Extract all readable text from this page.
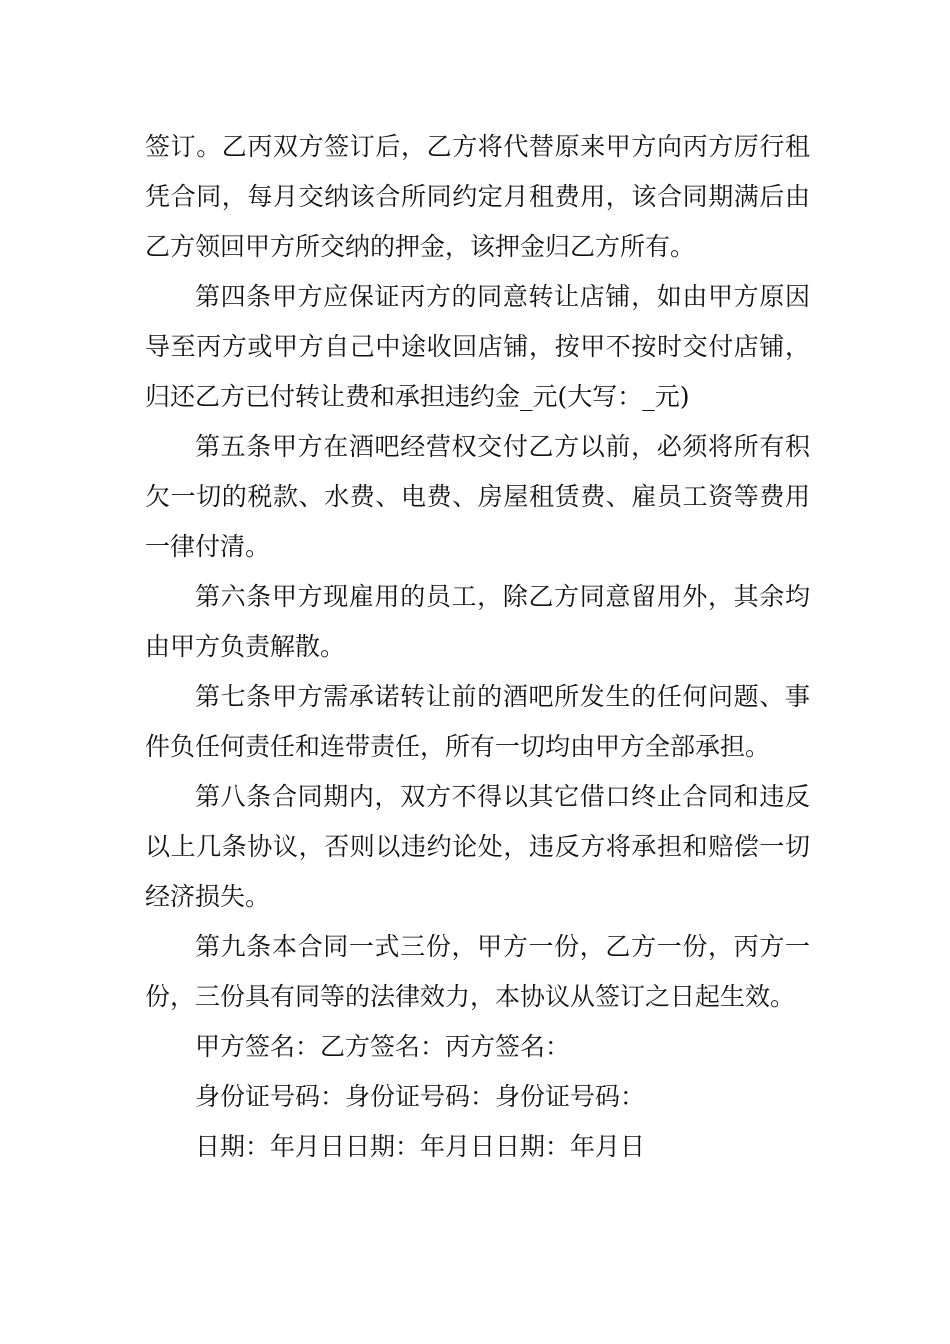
签订。乙丙双方签订后，乙方将代替原来甲方向丙方厉行租凭合同，每月交纳该合所同约定月租费用，该合同期满后由乙方领回甲方所交纳的押金，该押金归乙方所有。

第四条甲方应保证丙方的同意转让店铺，如由甲方原因导至丙方或甲方自己中途收回店铺，按甲不按时交付店铺，归还乙方已付转让费和承担违约金_元(大写：_元)

第五条甲方在酒吧经营权交付乙方以前，必须将所有积欠一切的税款、水费、电费、房屋租赁费、雇员工资等费用一律付清。

第六条甲方现雇用的员工，除乙方同意留用外，其余均由甲方负责解散。

第七条甲方需承诺转让前的酒吧所发生的任何问题、事件负任何责任和连带责任，所有一切均由甲方全部承担。

第八条合同期内，双方不得以其它借口终止合同和违反以上几条协议，否则以违约论处，违反方将承担和赔偿一切经济损失。

第九条本合同一式三份，甲方一份，乙方一份，丙方一份，三份具有同等的法律效力，本协议从签订之日起生效。

甲方签名：乙方签名：丙方签名：

身份证号码：身份证号码：身份证号码：

日期：年月日日期：年月日日期：年月日
